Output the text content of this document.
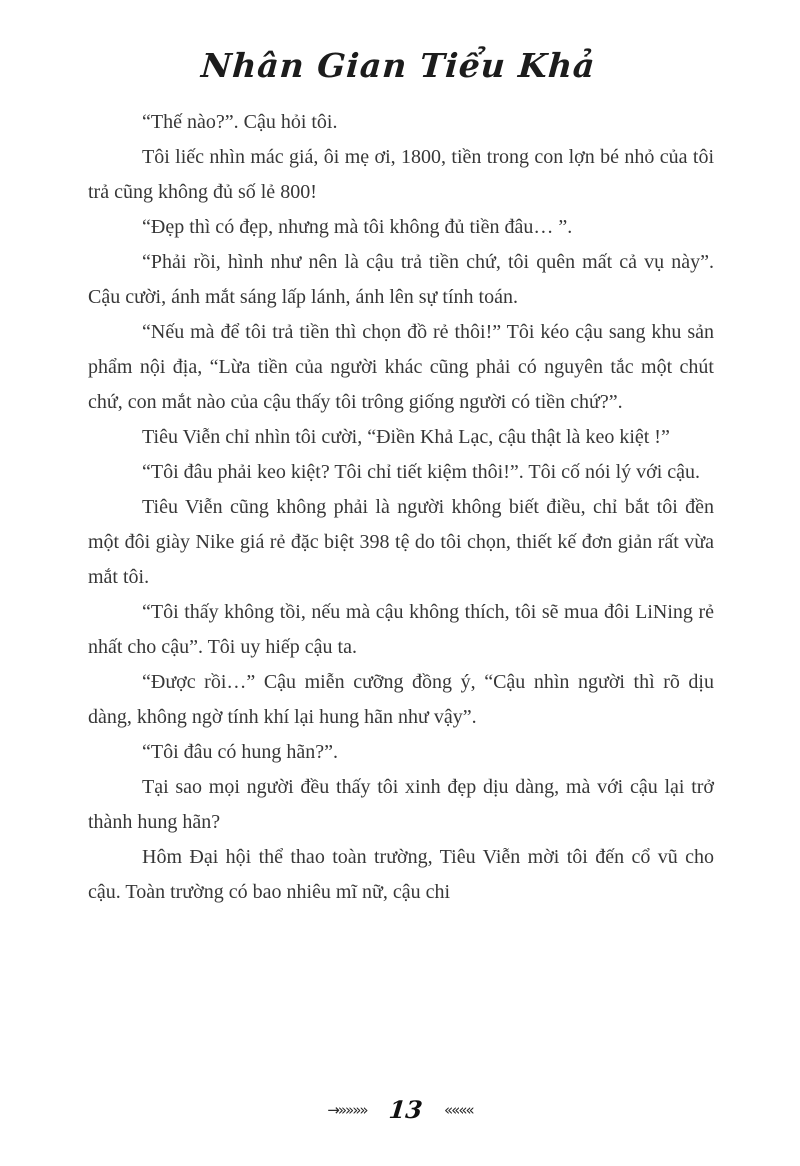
Nhân Gian Tiểu Khả

“Thế nào?”. Cậu hỏi tôi.

Tôi liếc nhìn mác giá, ôi mẹ ơi, 1800, tiền trong con lợn bé nhỏ của tôi trả cũng không đủ số lẻ 800!

“Đẹp thì có đẹp, nhưng mà tôi không đủ tiền đâu… ”.

“Phải rồi, hình như nên là cậu trả tiền chứ, tôi quên mất cả vụ này”. Cậu cười, ánh mắt sáng lấp lánh, ánh lên sự tính toán.

“Nếu mà để tôi trả tiền thì chọn đồ rẻ thôi!” Tôi kéo cậu sang khu sản phẩm nội địa, “Lừa tiền của người khác cũng phải có nguyên tắc một chút chứ, con mắt nào của cậu thấy tôi trông giống người có tiền chứ?”.

Tiêu Viễn chỉ nhìn tôi cười, “Điền Khả Lạc, cậu thật là keo kiệt !”

“Tôi đâu phải keo kiệt? Tôi chỉ tiết kiệm thôi!”. Tôi cố nói lý với cậu.

Tiêu Viễn cũng không phải là người không biết điều, chỉ bắt tôi đền một đôi giày Nike giá rẻ đặc biệt 398 tệ do tôi chọn, thiết kế đơn giản rất vừa mắt tôi.

“Tôi thấy không tồi, nếu mà cậu không thích, tôi sẽ mua đôi LiNing rẻ nhất cho cậu”. Tôi uy hiếp cậu ta.

“Được rồi…” Cậu miễn cưỡng đồng ý, “Cậu nhìn người thì rõ dịu dàng, không ngờ tính khí lại hung hãn như vậy”.

“Tôi đâu có hung hãn?”.

Tại sao mọi người đều thấy tôi xinh đẹp dịu dàng, mà với cậu lại trở thành hung hãn?

Hôm Đại hội thể thao toàn trường, Tiêu Viễn mời tôi đến cổ vũ cho cậu. Toàn trường có bao nhiêu mĩ nữ, cậu chi

→»»»» 13 ««««
